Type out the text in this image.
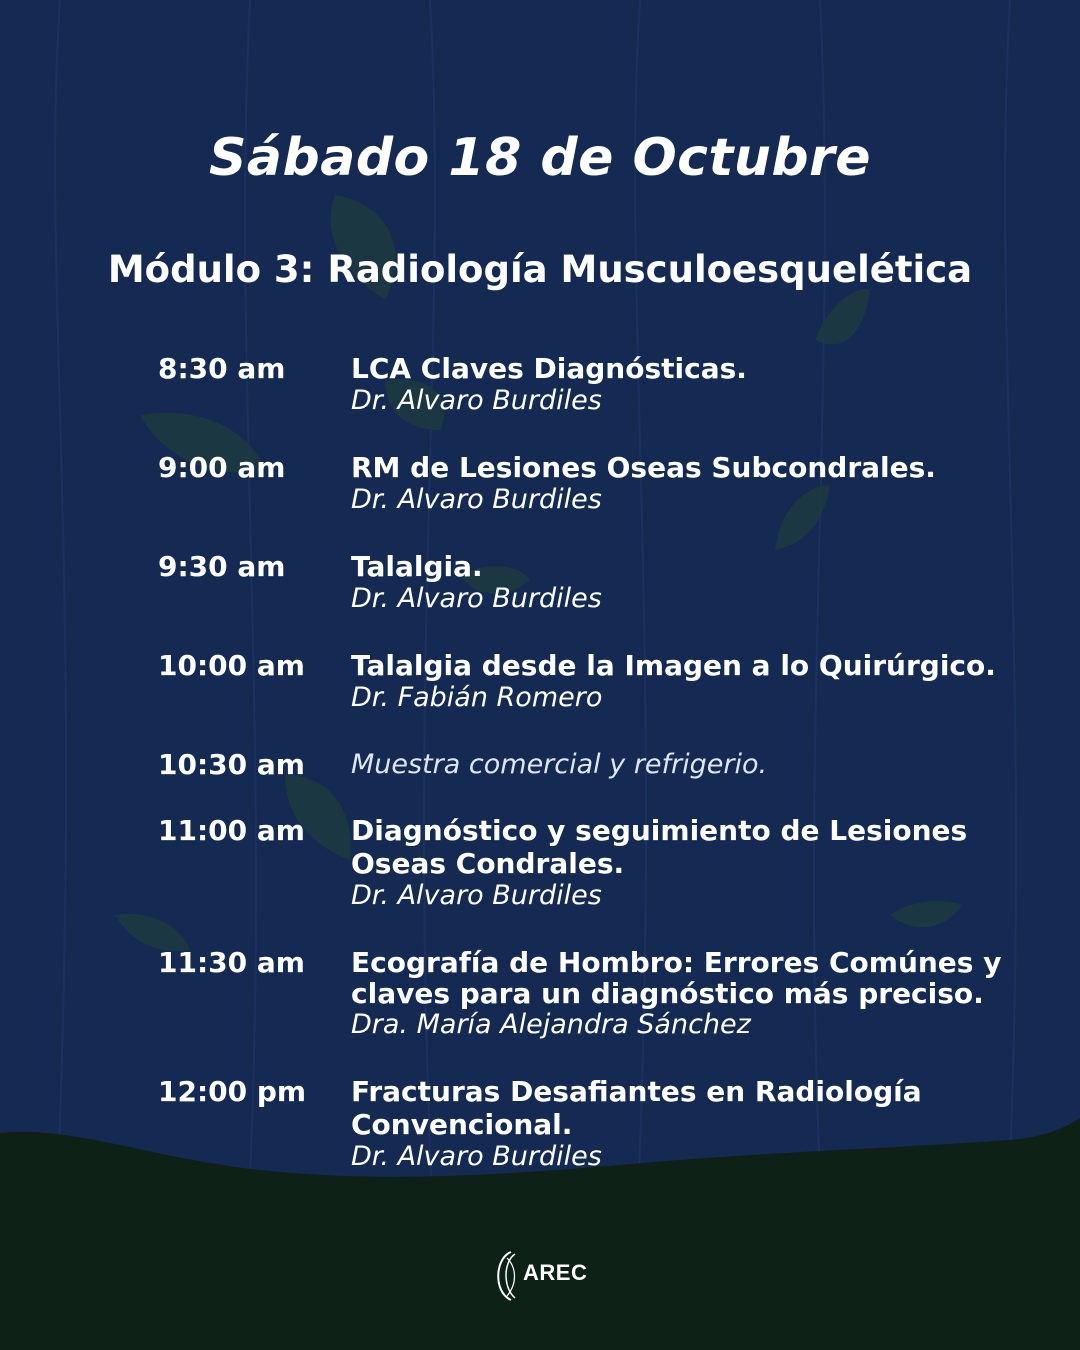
Sábado 18 de Octubre
Módulo 3: Radiología Musculoesquelética
8:30 am LCA Claves Diagnósticas.

Dr. Alvaro Burdiles

9:00 am RM de Lesiones Oseas Subcondrales.

Dr. Alvaro Burdiles

9:30 am Talalgia.

Dr. Alvaro Burdiles

10:00 am Talalgia desde la Imagen a lo Quirúrgico.

Dr. Fabián Romero

10:30 am Muestra comercial y refrigerio.

11:00 am Diagnóstico y seguimiento de Lesiones

Oseas Condrales.

Dr. Alvaro Burdiles

11:30 am Ecografía de Hombro: Errores Comúnes y

claves para un diagnóstico más preciso.

Dra. María Alejandra Sánchez

12:00 pm Fracturas Desafiantes en Radiología

Convencional.

Dr. Alvaro Burdiles

AREC
